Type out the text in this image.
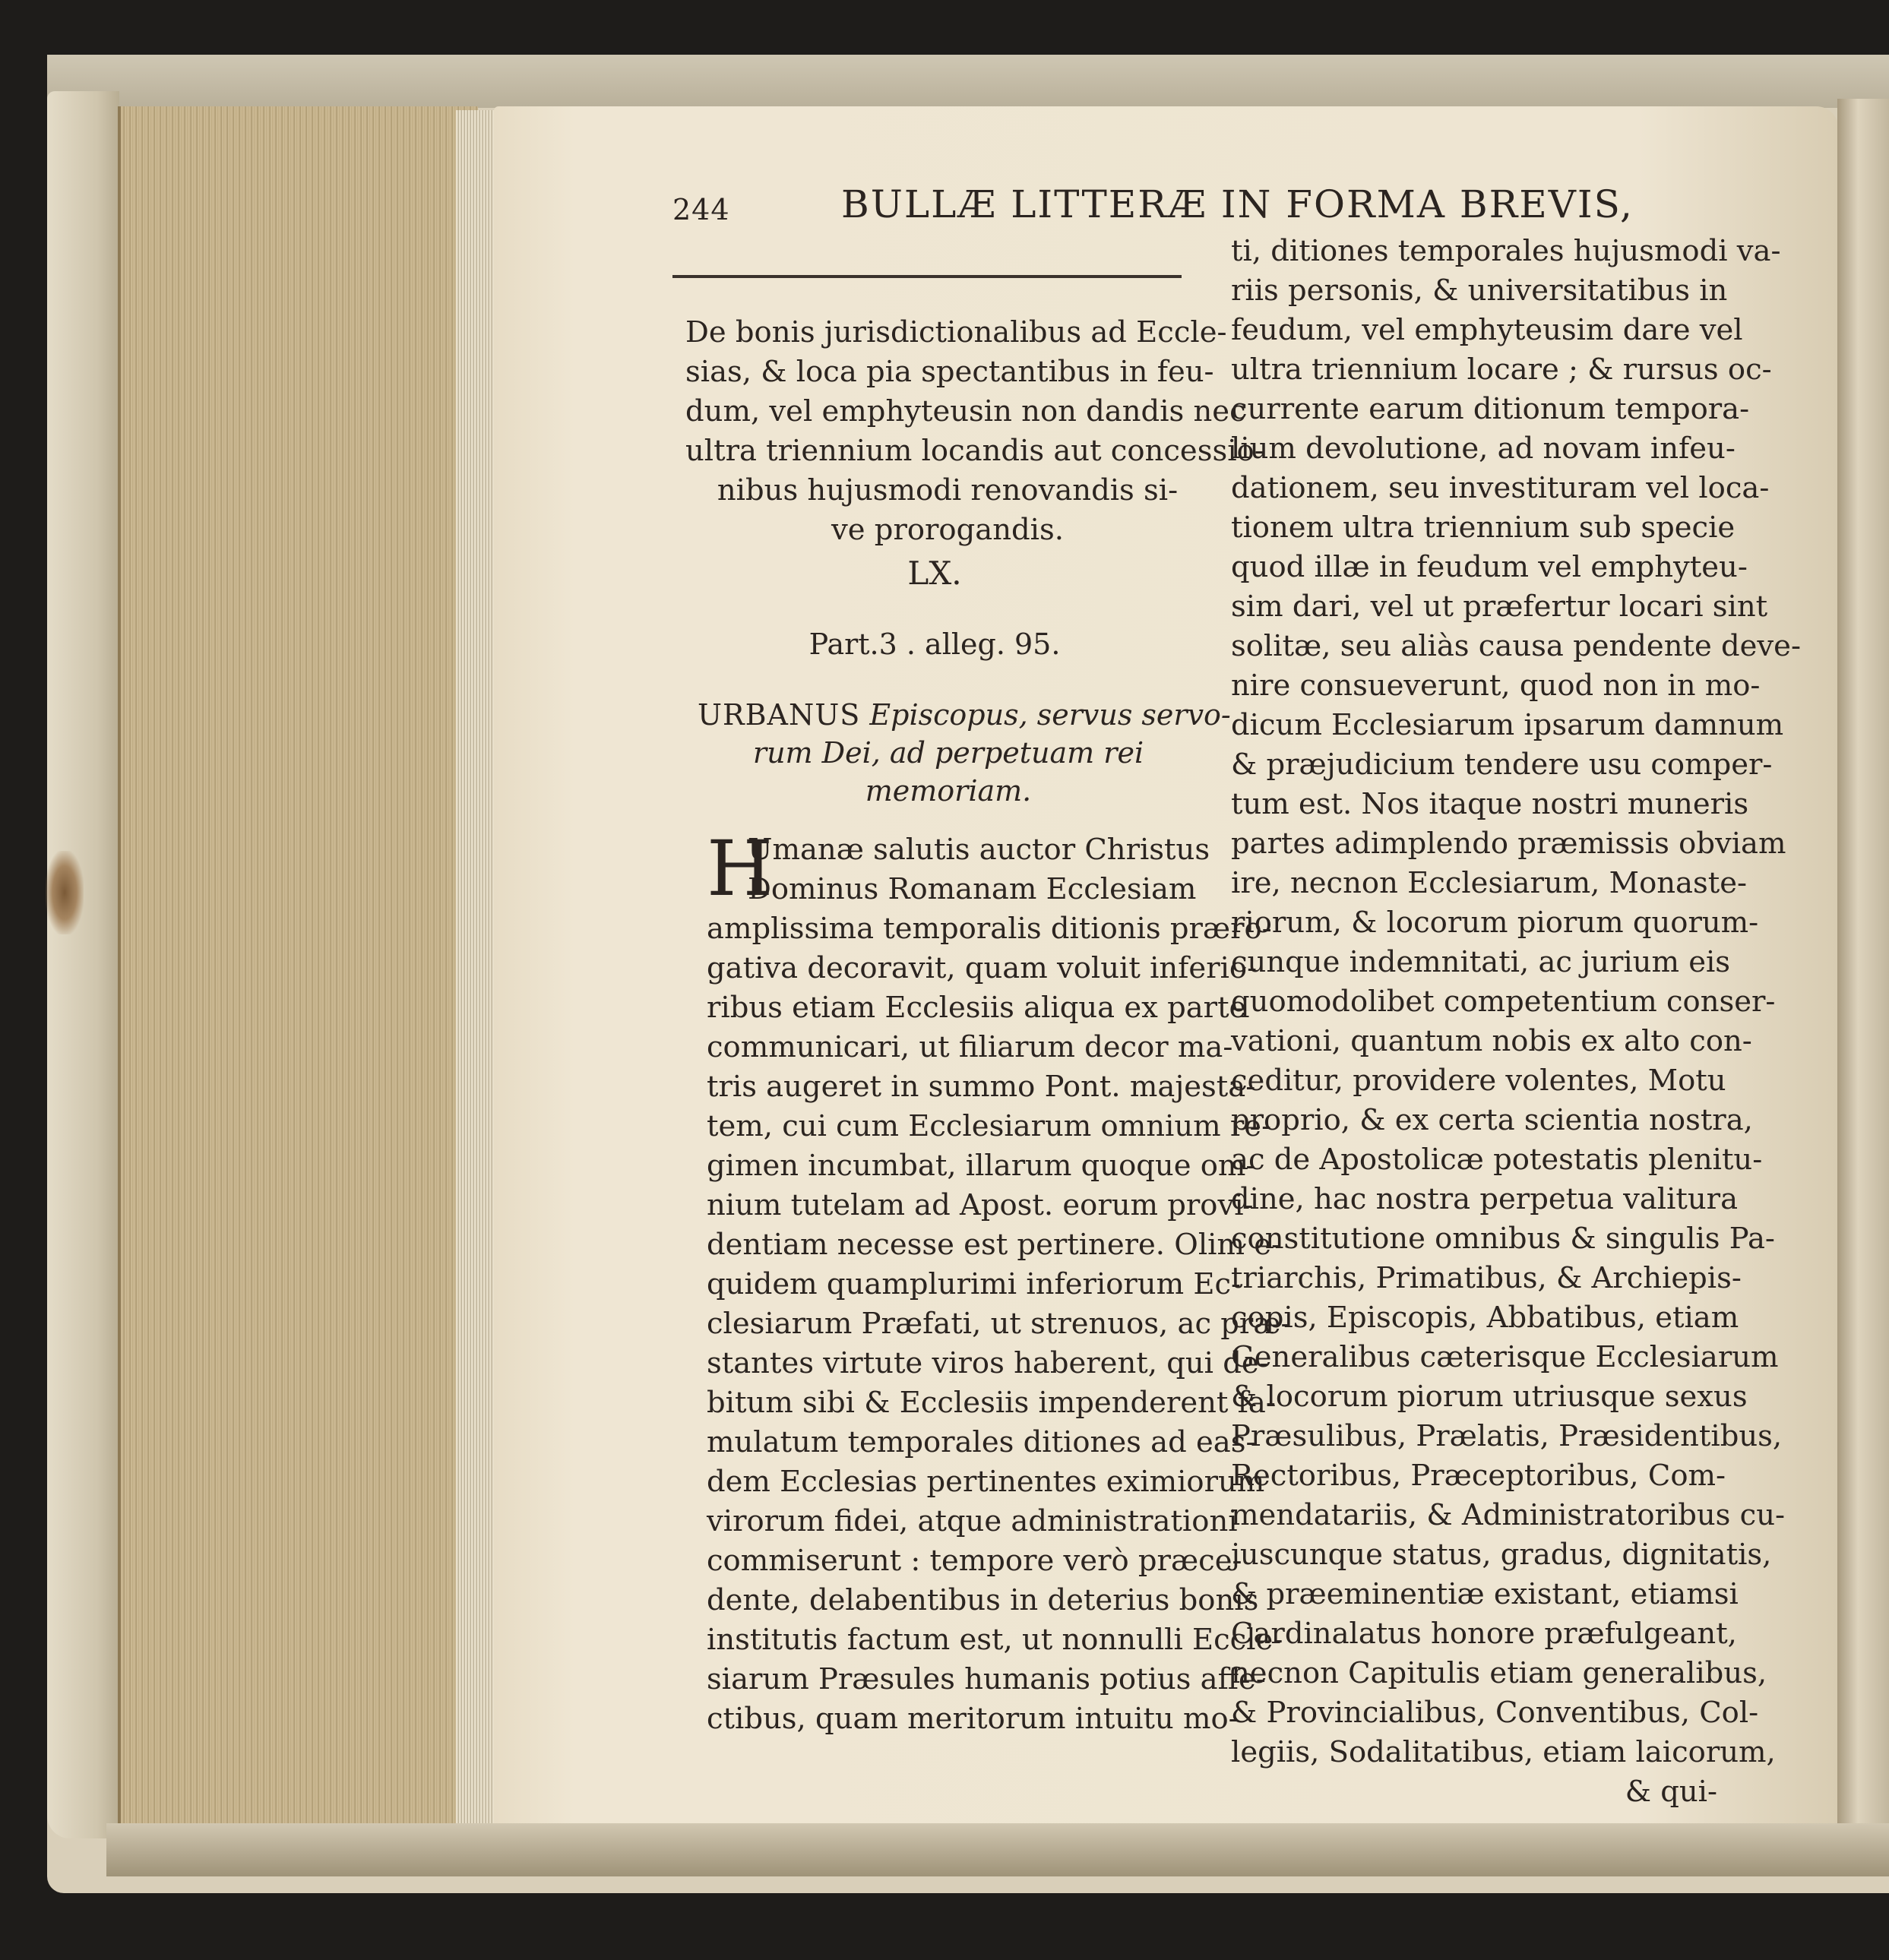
244	BULLÆ LITTERÆ IN FORMA BREVIS,
De bonis jurisdictionalibus ad Eccle-
sias, & loca pia spectantibus in feu-
dum, vel emphyteusin non dandis nec
ultra triennium locandis aut concessio-
nibus hujusmodi renovandis si-
ve prorogandis.
LX.
Part.3 . alleg. 95.
URBANUS Episcopus, servus servo-
rum Dei, ad perpetuam rei
memoriam.
H
Umanæ salutis auctor Christus
Dominus Romanam Ecclesiam
amplissima temporalis ditionis præro-
gativa decoravit, quam voluit inferio-
ribus etiam Ecclesiis aliqua ex parte
communicari, ut filiarum decor ma-
tris augeret in summo Pont. majesta-
tem, cui cum Ecclesiarum omnium re-
gimen incumbat, illarum quoque om-
nium tutelam ad Apost. eorum provi-
dentiam necesse est pertinere. Olim e-
quidem quamplurimi inferiorum Ec-
clesiarum Præfati, ut strenuos, ac præ-
stantes virtute viros haberent, qui de-
bitum sibi & Ecclesiis impenderent fa-
mulatum temporales ditiones ad eas-
dem Ecclesias pertinentes eximiorum
virorum fidei, atque administrationi
commiserunt : tempore verò præce-
dente, delabentibus in deterius bonis
institutis factum est, ut nonnulli Eccle-
siarum Præsules humanis potius affe-
ctibus, quam meritorum intuitu mo-
ti, ditiones temporales hujusmodi va-
riis personis, & universitatibus in
feudum, vel emphyteusim dare vel
ultra triennium locare ; & rursus oc-
currente earum ditionum tempora-
lium devolutione, ad novam infeu-
dationem, seu investituram vel loca-
tionem ultra triennium sub specie
quod illæ in feudum vel emphyteu-
sim dari, vel ut præfertur locari sint
solitæ, seu aliàs causa pendente deve-
nire consueverunt, quod non in mo-
dicum Ecclesiarum ipsarum damnum
& præjudicium tendere usu comper-
tum est. Nos itaque nostri muneris
partes adimplendo præmissis obviam
ire, necnon Ecclesiarum, Monaste-
riorum, & locorum piorum quorum-
cunque indemnitati, ac jurium eis
quomodolibet competentium conser-
vationi, quantum nobis ex alto con-
ceditur, providere volentes, Motu
proprio, & ex certa scientia nostra,
ac de Apostolicæ potestatis plenitu-
dine, hac nostra perpetua valitura
constitutione omnibus & singulis Pa-
triarchis, Primatibus, & Archiepis-
copis, Episcopis, Abbatibus, etiam
Generalibus cæterisque Ecclesiarum
& locorum piorum utriusque sexus
Præsulibus, Prælatis, Præsidentibus,
Rectoribus, Præceptoribus, Com-
mendatariis, & Administratoribus cu-
juscunque status, gradus, dignitatis,
& præeminentiæ existant, etiamsi
Cardinalatus honore præfulgeant,
necnon Capitulis etiam generalibus,
& Provincialibus, Conventibus, Col-
legiis, Sodalitatibus, etiam laicorum,
& qui-
